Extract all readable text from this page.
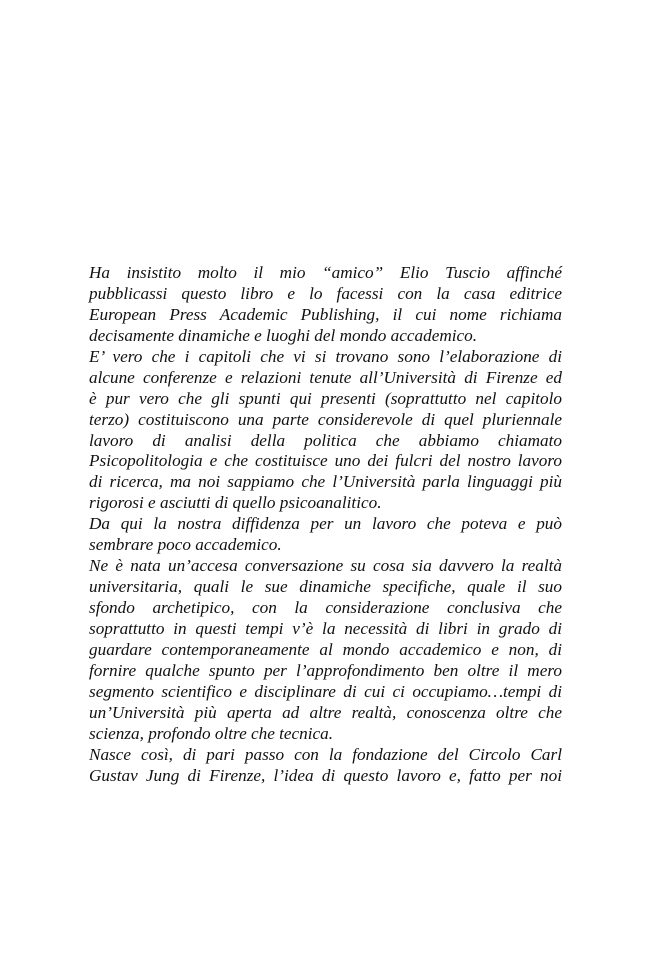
Ha insistito molto il mio “amico” Elio Tuscio affinché
pubblicassi questo libro e lo facessi con la casa editrice
European Press Academic Publishing, il cui nome richiama
decisamente dinamiche e luoghi del mondo accademico.
E’ vero che i capitoli che vi si trovano sono l’elaborazione di
alcune conferenze e relazioni tenute all’Università di Firenze ed
è pur vero che gli spunti qui presenti (soprattutto nel capitolo
terzo) costituiscono una parte considerevole di quel pluriennale
lavoro di analisi della politica che abbiamo chiamato
Psicopolitologia e che costituisce uno dei fulcri del nostro lavoro
di ricerca, ma noi sappiamo che l’Università parla linguaggi più
rigorosi e asciutti di quello psicoanalitico.
Da qui la nostra diffidenza per un lavoro che poteva e può
sembrare poco accademico.
Ne è nata un’accesa conversazione su cosa sia davvero la realtà
universitaria, quali le sue dinamiche specifiche, quale il suo
sfondo archetipico, con la considerazione conclusiva che
soprattutto in questi tempi v’è la necessità di libri in grado di
guardare contemporaneamente al mondo accademico e non, di
fornire qualche spunto per l’approfondimento ben oltre il mero
segmento scientifico e disciplinare di cui ci occupiamo…tempi di
un’Università più aperta ad altre realtà, conoscenza oltre che
scienza, profondo oltre che tecnica.
Nasce così, di pari passo con la fondazione del Circolo Carl
Gustav Jung di Firenze, l’idea di questo lavoro e, fatto per noi
